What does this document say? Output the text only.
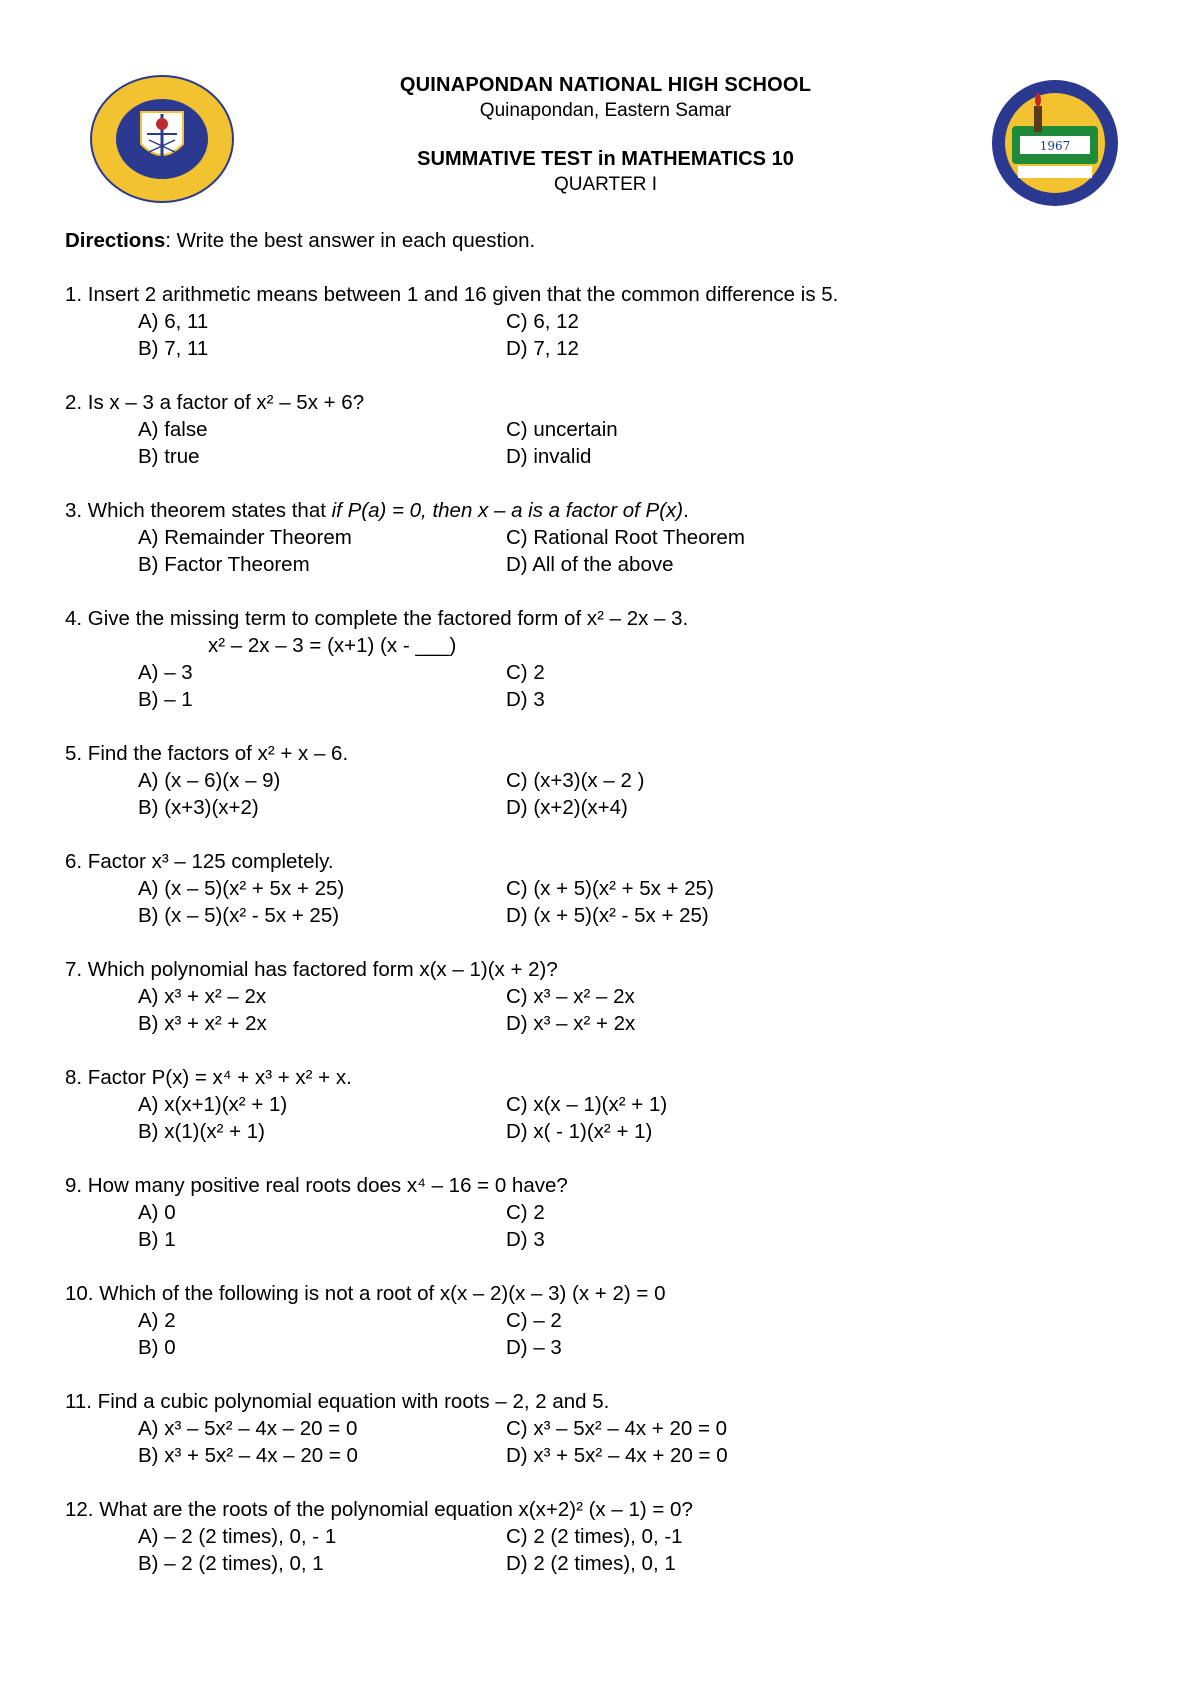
1967
QUINAPONDAN NATIONAL HIGH SCHOOL
Quinapondan, Eastern Samar
SUMMATIVE TEST in MATHEMATICS 10
QUARTER I
Directions: Write the best answer in each question.
1. Insert 2 arithmetic means between 1 and 16 given that the common difference is 5.
A) 6, 11	C) 6, 12
B) 7, 11	D) 7, 12
2. Is x – 3 a factor of x² – 5x + 6?
A) false	C) uncertain
B) true	D) invalid
3. Which theorem states that if P(a) = 0, then x – a is a factor of P(x).
A) Remainder Theorem	C) Rational Root Theorem
B) Factor Theorem	D) All of the above
4. Give the missing term to complete the factored form of x² – 2x – 3.
x² – 2x – 3 = (x+1) (x - ___)
A) – 3	C) 2
B) – 1	D) 3
5. Find the factors of x² + x – 6.
A) (x – 6)(x – 9)	C) (x+3)(x – 2 )
B) (x+3)(x+2)	D) (x+2)(x+4)
6. Factor x³ – 125 completely.
A) (x – 5)(x² + 5x + 25)	C) (x + 5)(x² + 5x + 25)
B) (x – 5)(x² - 5x + 25)	D) (x + 5)(x² - 5x + 25)
7. Which polynomial has factored form x(x – 1)(x + 2)?
A) x³ + x² – 2x	C) x³ – x² – 2x
B) x³ + x² + 2x	D) x³ – x² + 2x
8. Factor P(x) = x⁴ + x³ + x² + x.
A) x(x+1)(x² + 1)	C) x(x – 1)(x² + 1)
B) x(1)(x² + 1)	D) x( - 1)(x² + 1)
9. How many positive real roots does x⁴ – 16 = 0 have?
A) 0	C) 2
B) 1	D) 3
10. Which of the following is not a root of x(x – 2)(x – 3) (x + 2) = 0
A) 2	C) – 2
B) 0	D) – 3
11. Find a cubic polynomial equation with roots – 2, 2 and 5.
A) x³ – 5x² – 4x – 20 = 0	C) x³ – 5x² – 4x + 20 = 0
B) x³ + 5x² – 4x – 20 = 0	D) x³ + 5x² – 4x + 20 = 0
12. What are the roots of the polynomial equation x(x+2)² (x – 1) = 0?
A) – 2 (2 times), 0, - 1	C) 2 (2 times), 0, -1
B) – 2 (2 times), 0, 1	D) 2 (2 times), 0, 1
